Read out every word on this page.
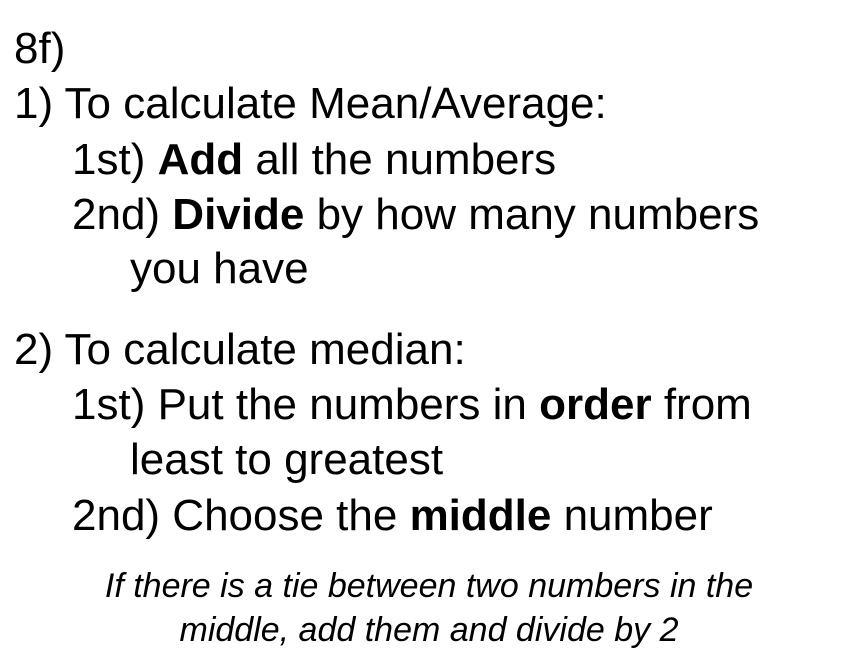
8f)
1) To calculate Mean/Average:
1st) Add all the numbers
2nd) Divide by how many numbers
you have
2) To calculate median:
1st) Put the numbers in order from
least to greatest
2nd) Choose the middle number
If there is a tie between two numbers in the
middle, add them and divide by 2
